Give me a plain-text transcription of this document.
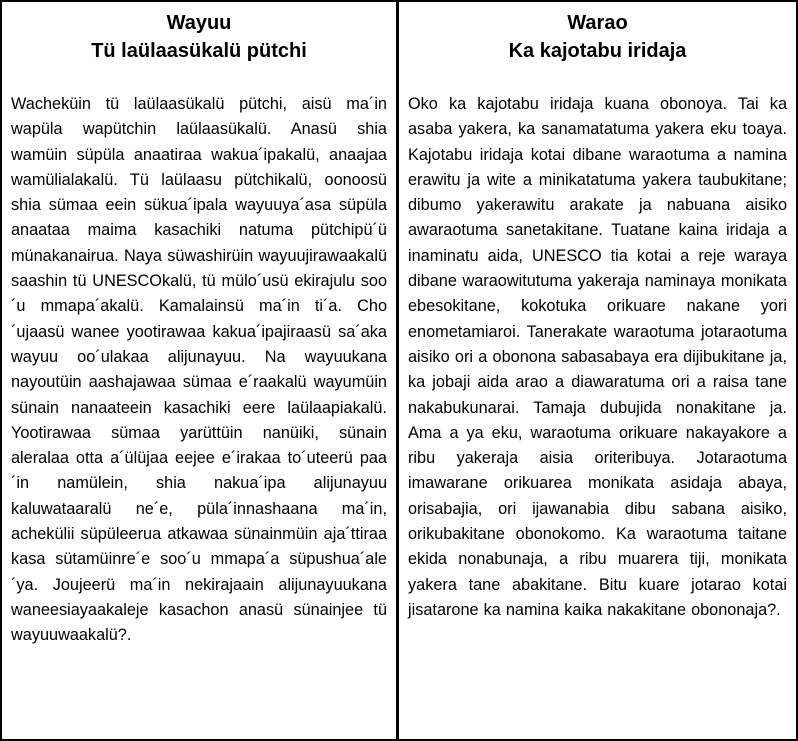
Wayuu
Tü laülaasükalü pütchi
Wacheküin tü laülaasükalü pütchi, aisü ma´in wapüla wapütchin laülaasükalü. Anasü shia wamüin süpüla anaatiraa wakua´ipakalü, anaajaa wamülialakalü. Tü laülaasu pütchikalü, oonoosü shia sümaa eein sükua´ipala wayuuya´asa süpüla anaataa maima kasachiki natuma pütchipü´ü münakanairua. Naya süwashirüin wayuujirawaakalü saashin tü UNESCOkalü, tü mülo´usü ekirajulu soo´u mmapa´akalü. Kamalainsü ma´in ti´a. Cho´ujaasü wanee yootirawaa kakua´ipajiraasü sa´aka wayuu oo´ulakaa alijunayuu. Na wayuukana nayoutüin aashajawaa sümaa e´raakalü wayumüin sünain nanaateein kasachiki eere laülaapiakalü. Yootirawaa sümaa yarüttüin nanüiki, sünain aleralaa otta a´ülüjaa eejee e´irakaa to´uteerü paa´in namülein, shia nakua´ipa alijunayuu kaluwataaralü ne´e, püla´innashaana ma´in, achekülii süpüleerua atkawaa sünainmüin aja´ttiraa kasa sütamüinre´e soo´u mmapa´a süpushua´ale´ya. Joujeerü ma´in nekirajaain alijunayuukana waneesiayaakaleje kasachon anasü sünainjee tü wayuuwaakalü?.
Warao
Ka kajotabu iridaja
Oko ka kajotabu iridaja kuana obonoya. Tai ka asaba yakera, ka sanamatatuma yakera eku toaya. Kajotabu iridaja kotai dibane waraotuma a namina erawitu ja wite a minikatatuma yakera taubukitane; dibumo yakerawitu arakate ja nabuana aisiko awaraotuma sanetakitane. Tuatane kaina iridaja a inaminatu aida, UNESCO tia kotai a reje waraya dibane waraowitutuma yakeraja naminaya monikata ebesokitane, kokotuka orikuare nakane yori enometamiaroi. Tanerakate waraotuma jotaraotuma aisiko ori a obonona sabasabaya era dijibukitane ja, ka jobaji aida arao a diawaratuma ori a raisa tane nakabukunarai. Tamaja dubujida nonakitane ja. Ama a ya eku, waraotuma orikuare nakayakore a ribu yakeraja aisia oriteribuya. Jotaraotuma imawarane orikuarea monikata asidaja abaya, orisabajia, ori ijawanabia dibu sabana aisiko, orikubakitane obonokomo. Ka waraotuma taitane ekida nonabunaja, a ribu muarera tiji, monikata yakera tane abakitane. Bitu kuare jotarao kotai jisatarone ka namina kaika nakakitane obononaja?.
